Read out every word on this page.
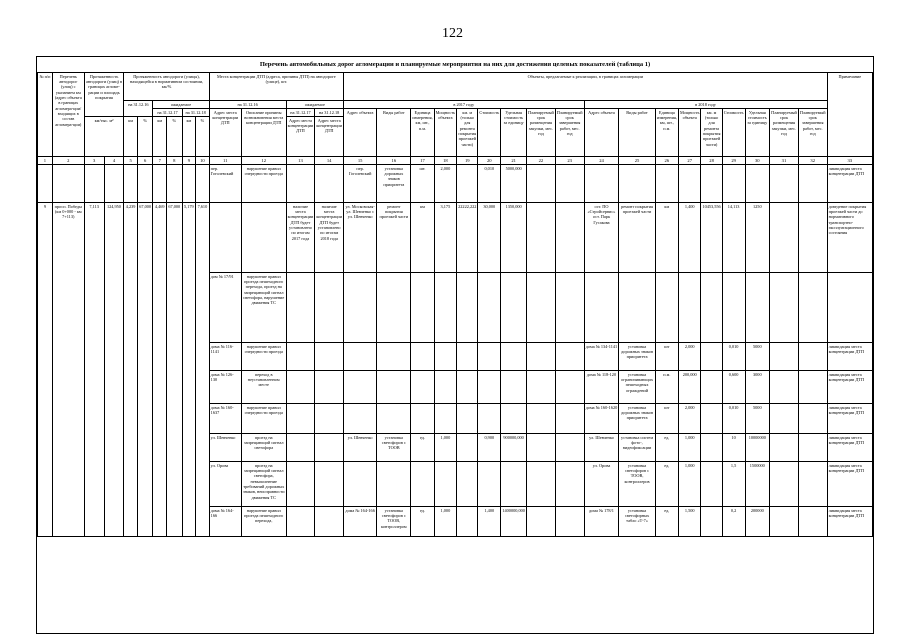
122
Перечень автомобильных дорог агломерации и планируемые мероприятия на них для достижения целевых показателей (таблица 1)
№ п/п	Перечень автодорог (улиц) с указанием км (адрес объекта в границах агломера-ции/входящих в состав агломера-ции)	Протяженность автодороги (улиц) в границах агломе-рации и площадь покрытия		Протяженность автодороги (улицы), находящейся в нормативном состоянии, км/%						Места концентрации ДТП (адреса, причины ДТП) на автодороге (улице), шт.				Объекты, предлагаемые к реализации, в границах агломерации																		Примечание
				на 31.12.16		ожидаемое				на 31.12.16		ожидаемое		в 2017 году									в 2018 году									
						на 31.12.17		на 31.12.18		Адрес места концентрации ДТП	Описание причины возникновения места концентрации ДТП	на 31.12.17	на 31.12.18	Адрес объекта	Виды работ	Единица измерения, км, шт., п.м.	Мощность объекта	км. м (только для ремонта покрытия проезжей части)	Стоимость	Удельная стоимость за единицу	Планируемый срок размещения закупки, мес. год	Планируемый срок завершения работ, мес. год	Адрес объекта	Виды работ	Единица измерения, км, шт., п.м.	Мощность объекта	км. м (только для ремонта покрытия проезжей части)	Стоимость	Удельная стоимость за единицу	Планируемый срок размещения закупки, мес. год	Планируемый срок завершения работ, мес. год	
		км/тыс. м²		км	%	км	%	км	%			Адрес места концентрации ДТП	Адрес места концентрации ДТП																			
1	2	3	4	5	6	7	8	9	10	11	12	13	14	15	16	17	18	19	20	21	22	23	24	25	26	27	28	29	30	31	32	33
										пер. Гоголевский	нарушение правил очередности проезда			пер. Гоголевский	установка дорожных знаков приоритета	шт.	2,000		0,010	5000,000												ликвидация места концентрации ДТП
9	просп. Победы (км 0+000 - км 7+113)	7,113	124,950	4,239	67,000	4,469	67,000	5,179	7,610			наличие места концентрации ДТП будет установлено по итогам 2017 года	наличие места концентрации ДТП будет установлено по итогам 2018 года	ул. Московская-ул. Шевченко с ул. Шевченко	ремонт покрытия проезжей части	км	3,175	22222,222	30,000	1350,000			ост. ПО «Стройсервис» ост. Парк Гусакова	ремонт покрытия проезжей части	км	1,400	10453,556	14,113	1250			доведение покрытия проезжей части до нормативного транспортно-эксплуатационного состояния
										дом № 17/91	нарушение правил проезда пешеходного перехода, проезд на запрещающий сигнал светофора, нарушение движения ТС																					
										дома № 116-1141	нарушение правил очередности проезда												дома № 134-1141	установка дорожных знаков приоритета	шт	2,000		0,010	5000			ликвидация места концентрации ДТП
										дома № 126-130	переход в неустановленном месте												дома № 118-120	установка ограничивающих пешеходных ограждений	п.м.	200,000		0,600	3000			ликвидация места концентрации ДТП
										дома № 160-1637	нарушение правил очередности проезда												дома № 160-1620	установка дорожных знаков приоритета	шт	2,000		0,010	5000			ликвидация места концентрации ДТП
										ул. Шевченко	проезд на запрещающий сигнал светофора			ул. Шевченко	установка светофоров с ТООВ	ед.	1,000		0,900	900000,000			ул. Шевченко	установка систем фото-, видеофиксации	ед.	1,000		10	10000000			ликвидация места концентрации ДТП
										ул. Орова	проезд на запрещающий сигнал светофора, невыполнение требований дорожных знаков, неисправности движения ТС												ул. Орова	установка светофоров с ТООВ, контроллеров	ед.	1,000		1,5	1500000			ликвидация места концентрации ДТП
										дома № 164-166	нарушение правил проезда пешеходного перехода,			дома № 164-166	установка светофоров с ТООВ, контроллером	ед.	1,000		1,400	1400000,000			дома № 178/1	установка светофорных табло «Т-7»	ед.	1,500		0,2	200000			ликвидация места концентрации ДТП
